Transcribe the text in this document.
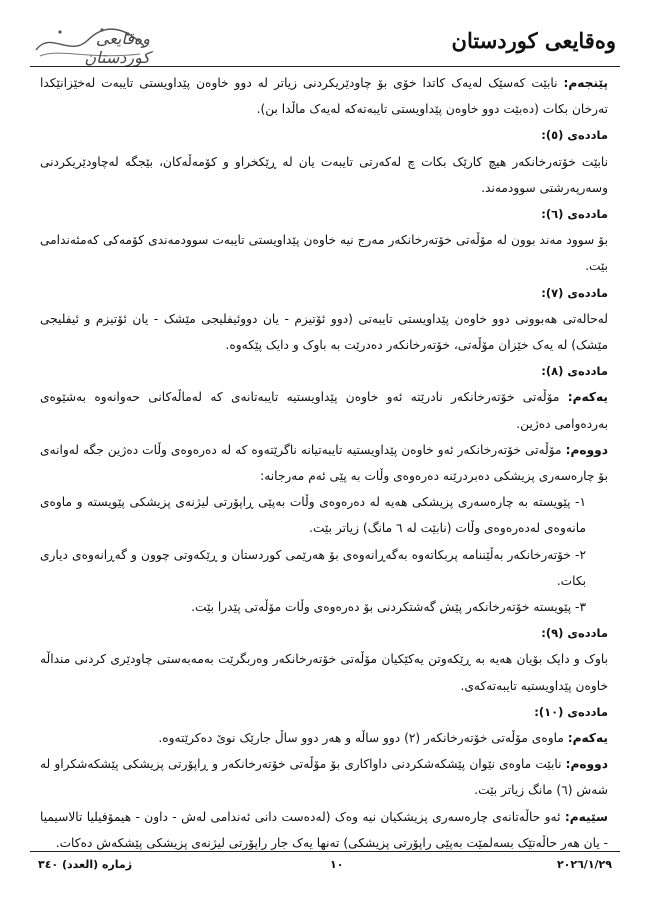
وەقایعی کوردستان
وەقایعی کوردستان

پێنجەم: نابێت کەسێک لەیەک کاتدا خۆی بۆ چاودێریکردنی زیاتر لە دوو خاوەن پێداویستی تایبەت لەخێزانێکدا تەرخان بکات (دەبێت دوو خاوەن پێداویستی تایبەتەکە لەیەک ماڵدا بن).

ماددەی (٥):

نابێت خۆتەرخانکەر هیچ کارێک بکات چ لەکەرتی تایبەت یان لە ڕێکخراو و کۆمەڵەکان، بێجگە لەچاودێریکردنی وسەرپەرشتی سوودمەند.

ماددەی (٦):

بۆ سوود مەند بوون لە مۆڵەتی خۆتەرخانکەر مەرج نیە خاوەن پێداویستی تایبەت سوودمەندی کۆمەکی کەمئەندامی بێت.

ماددەی (٧):

لەحالەتی هەبوونی دوو خاوەن پێداویستی تایبەتی (دوو ئۆتیزم - یان دووئیفلیجی مێشک - یان ئۆتیزم و ئیفلیجی مێشک) لە یەک خێزان مۆڵەتی، خۆتەرخانکەر دەدرێت بە باوک و دایک پێکەوە.

ماددەی (٨):

یەکەم: مۆڵەتی خۆتەرخانکەر نادرێتە ئەو خاوەن پێداویستیە تایبەتانەی کە لەماڵەکانی حەوانەوە بەشێوەی بەردەوامی دەژین.

دووەم: مۆڵەتی خۆتەرخانکەر ئەو خاوەن پێداویستیە تایبەتیانە ناگرێتەوە کە لە دەرەوەی وڵات دەژین جگە لەوانەی بۆ چارەسەری پزیشکی دەبردرێنە دەرەوەی وڵات بە پێی ئەم مەرجانە:

١- پێویستە بە چارەسەری پزیشکی هەیە لە دەرەوەی وڵات بەپێی ڕاپۆرتی لیژنەی پزیشکی پێویستە و ماوەی مانەوەی لەدەرەوەی وڵات (نابێت لە ٦ مانگ) زیاتر بێت.

٢- خۆتەرخانکەر بەڵێننامە پربکاتەوە بەگەڕانەوەی بۆ هەرێمی کوردستان و ڕێکەوتی چوون و گەڕانەوەی دیاری بکات.

٣- پێویستە خۆتەرخانکەر پێش گەشتکردنی بۆ دەرەوەی وڵات مۆڵەتی پێدرا بێت.

ماددەی (٩):

باوک و دایک بۆیان هەیە بە ڕێکەوتن یەکێکیان مۆڵەتی خۆتەرخانکەر وەربگرێت بەمەبەستی چاودێری کردنی منداڵە خاوەن پێداویستیە تایبەتەکەی.

ماددەی (١٠):

یەکەم: ماوەی مۆڵەتی خۆتەرخانکەر (٢) دوو ساڵە و هەر دوو ساڵ جارێک نوێ دەکرێتەوە.

دووەم: نابێت ماوەی نێوان پێشکەشکردنی داواکاری بۆ مۆڵەتی خۆتەرخانکەر و ڕاپۆرتی پزیشکی پێشکەشکراو لە شەش (٦) مانگ زیاتر بێت.

سێیەم: ئەو حاڵەتانەی چارەسەری پزیشکیان نیە وەک (لەدەست دانی ئەندامی لەش - داون - هیمۆفیلیا تالاسیمیا - یان هەر حاڵەتێک بسەلمێت بەپێی راپۆرتی پزیشکی) تەنها یەک جار راپۆرتی لیژنەی پزیشکی پێشکەش دەکات.

٢٠٢٦/١/٢٩
١٠
ژمارە (العدد) ٣٤٠
